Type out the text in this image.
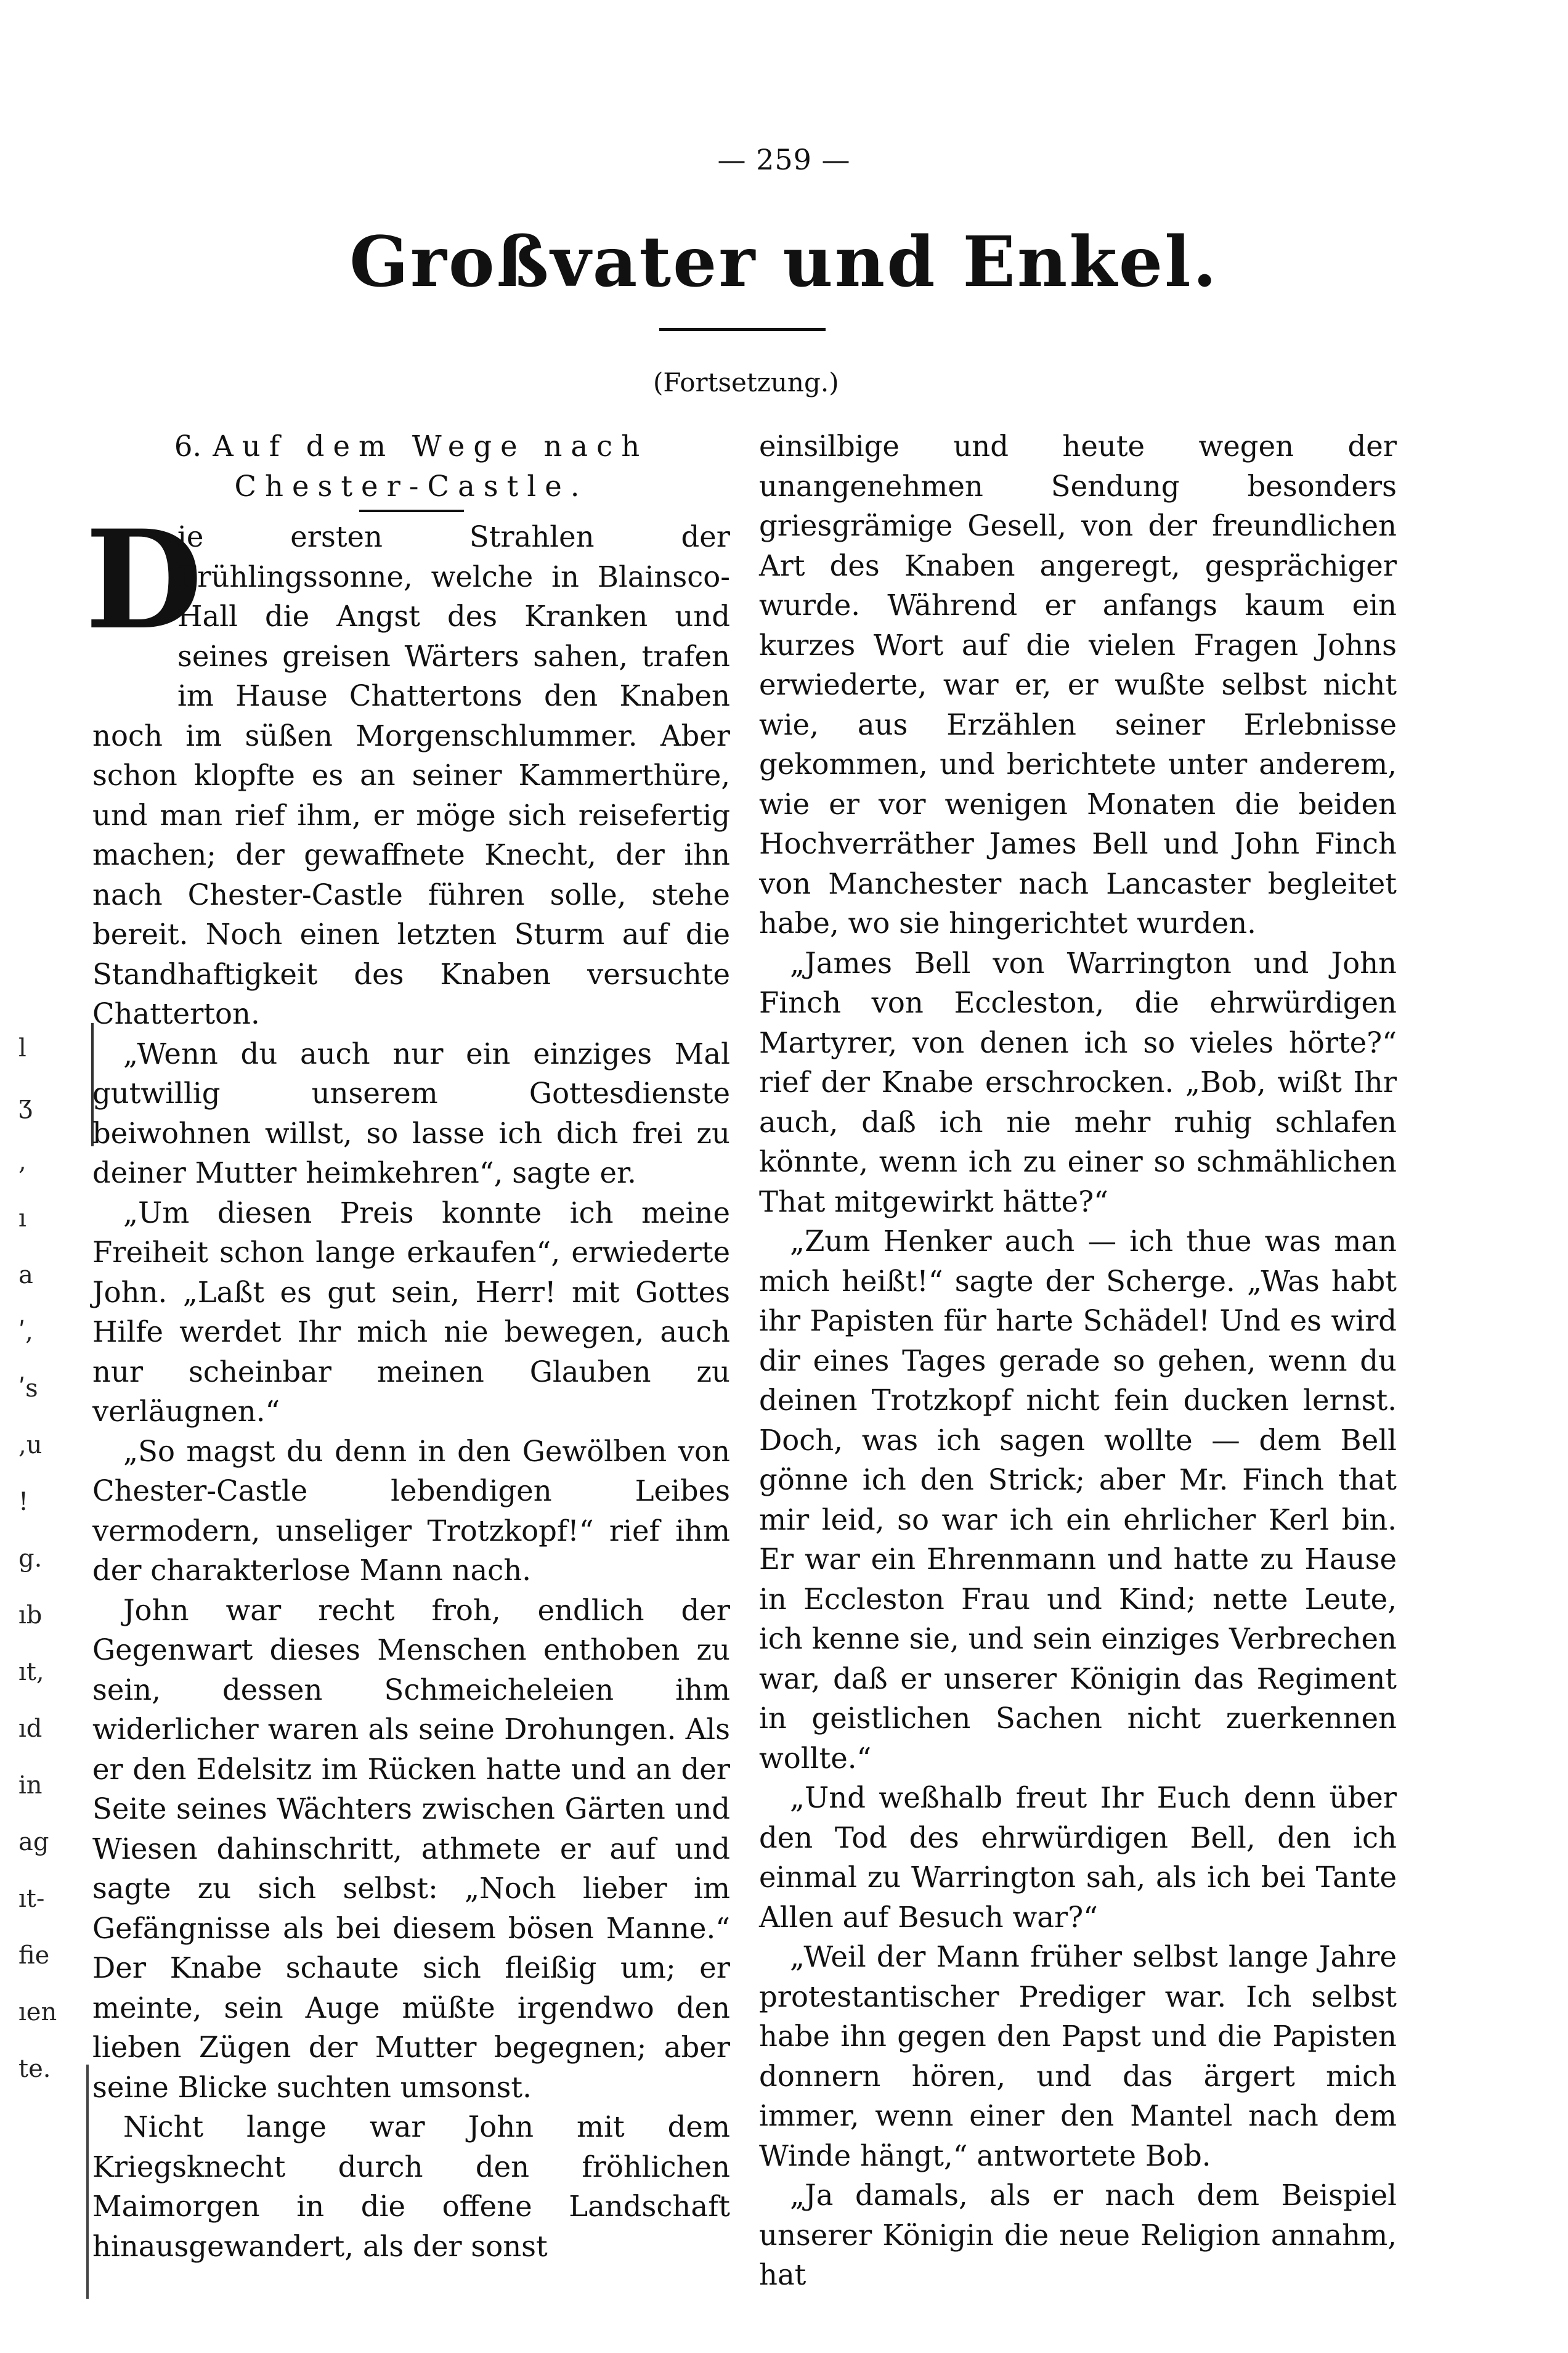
— 259 —
Großvater und Enkel.
(Fortsetzung.)
l
ʒ
,
ı
a
ʹ,
ʹs
,u
!
g.
ıb
ıt,
ıd
in
ag
ıt-
fie
ıen
te.
6. Auf dem Wege nach Chester-Castle.

D
ie ersten Strahlen der Frühlingssonne, welche in Blainsco-Hall die Angst des Kranken und seines greisen Wärters sahen, trafen im Hause Chattertons den Knaben noch im süßen Morgenschlummer. Aber schon klopfte es an seiner Kammerthüre, und man rief ihm, er möge sich reisefertig machen; der gewaffnete Knecht, der ihn nach Chester-Castle führen solle, stehe bereit. Noch einen letzten Sturm auf die Standhaftigkeit des Knaben versuchte Chatterton.

„Wenn du auch nur ein einziges Mal gutwillig unserem Gottesdienste beiwohnen willst, so lasse ich dich frei zu deiner Mutter heimkehren“, sagte er.

„Um diesen Preis konnte ich meine Freiheit schon lange erkaufen“, erwiederte John. „Laßt es gut sein, Herr! mit Gottes Hilfe werdet Ihr mich nie bewegen, auch nur scheinbar meinen Glauben zu verläugnen.“

„So magst du denn in den Gewölben von Chester-Castle lebendigen Leibes vermodern, unseliger Trotzkopf!“ rief ihm der charakterlose Mann nach.

John war recht froh, endlich der Gegenwart dieses Menschen enthoben zu sein, dessen Schmeicheleien ihm widerlicher waren als seine Drohungen. Als er den Edelsitz im Rücken hatte und an der Seite seines Wächters zwischen Gärten und Wiesen dahinschritt, athmete er auf und sagte zu sich selbst: „Noch lieber im Gefängnisse als bei diesem bösen Manne.“ Der Knabe schaute sich fleißig um; er meinte, sein Auge müßte irgendwo den lieben Zügen der Mutter begegnen; aber seine Blicke suchten umsonst.

Nicht lange war John mit dem Kriegsknecht durch den fröhlichen Maimorgen in die offene Landschaft hinausgewandert, als der sonst

einsilbige und heute wegen der unangenehmen Sendung besonders griesgrämige Gesell, von der freundlichen Art des Knaben angeregt, gesprächiger wurde. Während er anfangs kaum ein kurzes Wort auf die vielen Fragen Johns erwiederte, war er, er wußte selbst nicht wie, aus Erzählen seiner Erlebnisse gekommen, und berichtete unter anderem, wie er vor wenigen Monaten die beiden Hochverräther James Bell und John Finch von Manchester nach Lancaster begleitet habe, wo sie hingerichtet wurden.

„James Bell von Warrington und John Finch von Eccleston, die ehrwürdigen Martyrer, von denen ich so vieles hörte?“ rief der Knabe erschrocken. „Bob, wißt Ihr auch, daß ich nie mehr ruhig schlafen könnte, wenn ich zu einer so schmählichen That mitgewirkt hätte?“

„Zum Henker auch — ich thue was man mich heißt!“ sagte der Scherge. „Was habt ihr Papisten für harte Schädel! Und es wird dir eines Tages gerade so gehen, wenn du deinen Trotzkopf nicht fein ducken lernst. Doch, was ich sagen wollte — dem Bell gönne ich den Strick; aber Mr. Finch that mir leid, so war ich ein ehrlicher Kerl bin. Er war ein Ehrenmann und hatte zu Hause in Eccleston Frau und Kind; nette Leute, ich kenne sie, und sein einziges Verbrechen war, daß er unserer Königin das Regiment in geistlichen Sachen nicht zuerkennen wollte.“

„Und weßhalb freut Ihr Euch denn über den Tod des ehrwürdigen Bell, den ich einmal zu Warrington sah, als ich bei Tante Allen auf Besuch war?“

„Weil der Mann früher selbst lange Jahre protestantischer Prediger war. Ich selbst habe ihn gegen den Papst und die Papisten donnern hören, und das ärgert mich immer, wenn einer den Mantel nach dem Winde hängt,“ antwortete Bob.

„Ja damals, als er nach dem Beispiel unserer Königin die neue Religion annahm, hat
